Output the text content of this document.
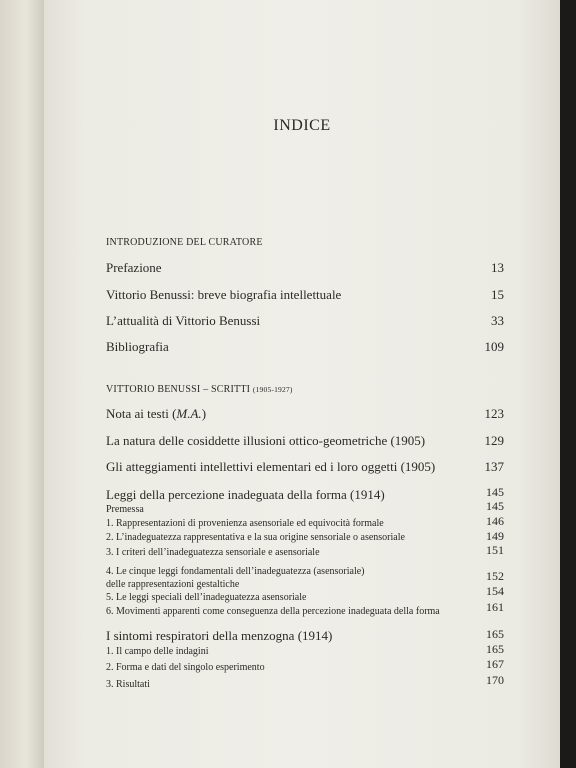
INDICE
INTRODUZIONE DEL CURATORE
Prefazione	13
Vittorio Benussi: breve biografia intellettuale	15
L’attualità di Vittorio Benussi	33
Bibliografia	109
VITTORIO BENUSSI – SCRITTI (1905-1927)
Nota ai testi (M.A.)	123
La natura delle cosiddette illusioni ottico-geometriche (1905)	129
Gli atteggiamenti intellettivi elementari ed i loro oggetti (1905)	137
Leggi della percezione inadeguata della forma (1914)	145
Premessa	145
1. Rappresentazioni di provenienza asensoriale ed equivocità formale	146
2. L’inadeguatezza rappresentativa e la sua origine sensoriale o asensoriale	149
3. I criteri dell’inadeguatezza sensoriale e asensoriale	151
4. Le cinque leggi fondamentali dell’inadeguatezza (asensoriale)
delle rappresentazioni gestaltiche
152
5. Le leggi speciali dell’inadeguatezza asensoriale	154
6. Movimenti apparenti come conseguenza della percezione inadeguata della forma	161
I sintomi respiratori della menzogna (1914)	165
1. Il campo delle indagini	165
2. Forma e dati del singolo esperimento	167
3. Risultati	170
